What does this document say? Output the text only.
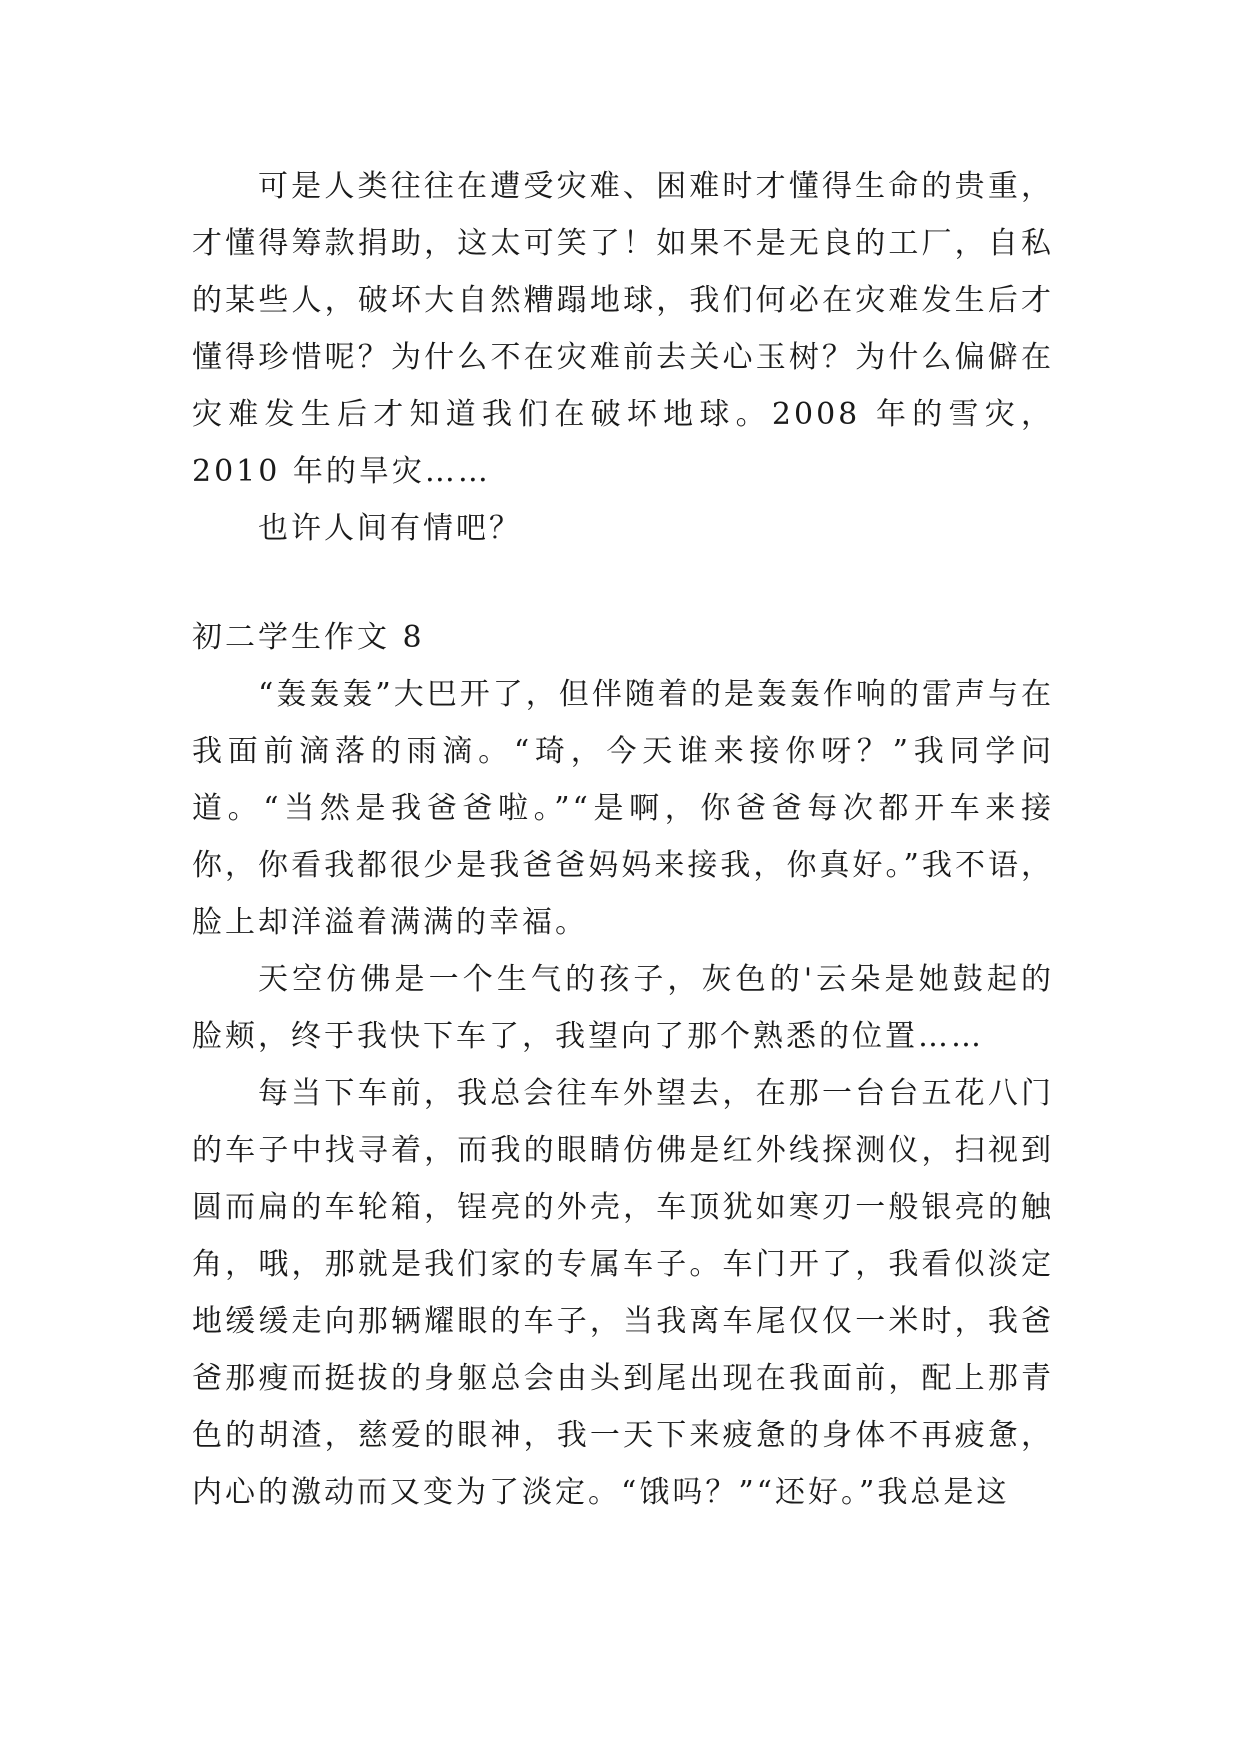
可是人类往往在遭受灾难、困难时才懂得生命的贵重，才懂得筹款捐助，这太可笑了！如果不是无良的工厂，自私的某些人，破坏大自然糟蹋地球，我们何必在灾难发生后才懂得珍惜呢？为什么不在灾难前去关心玉树？为什么偏僻在灾难发生后才知道我们在破坏地球。2008 年的雪灾，2010 年的旱灾……

也许人间有情吧？

初二学生作文 8

“轰轰轰”大巴开了，但伴随着的是轰轰作响的雷声与在我面前滴落的雨滴。“琦，今天谁来接你呀？”我同学问道。“当然是我爸爸啦。”“是啊，你爸爸每次都开车来接你，你看我都很少是我爸爸妈妈来接我，你真好。”我不语，脸上却洋溢着满满的幸福。

天空仿佛是一个生气的孩子，灰色的'云朵是她鼓起的脸颊，终于我快下车了，我望向了那个熟悉的位置……

每当下车前，我总会往车外望去，在那一台台五花八门的车子中找寻着，而我的眼睛仿佛是红外线探测仪，扫视到圆而扁的车轮箱，锃亮的外壳，车顶犹如寒刃一般银亮的触角，哦，那就是我们家的专属车子。车门开了，我看似淡定地缓缓走向那辆耀眼的车子，当我离车尾仅仅一米时，我爸爸那瘦而挺拔的身躯总会由头到尾出现在我面前，配上那青色的胡渣，慈爱的眼神，我一天下来疲惫的身体不再疲惫，内心的激动而又变为了淡定。“饿吗？”“还好。”我总是这
